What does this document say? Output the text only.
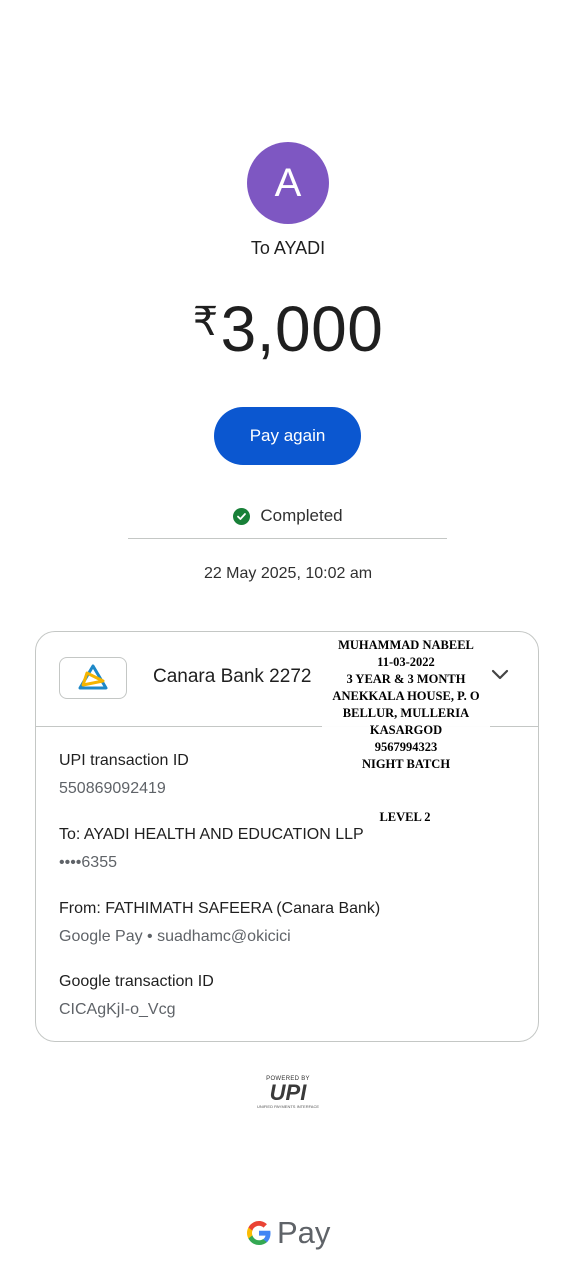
A
To AYADI
₹3,000
Pay again
Completed
22 May 2025, 10:02 am
Canara Bank 2272
UPI transaction ID
550869092419
To: AYADI HEALTH AND EDUCATION LLP
••••6355
From: FATHIMATH SAFEERA (Canara Bank)
Google Pay • suadhamc@okicici
Google transaction ID
CICAgKjI-o_Vcg
MUHAMMAD NABEEL
11-03-2022
3 YEAR & 3 MONTH
ANEKKALA HOUSE, P. O
BELLUR, MULLERIA
KASARGOD
9567994323
NIGHT BATCH
LEVEL 2
POWERED BY
UPI
UNIFIED PAYMENTS INTERFACE
Pay
